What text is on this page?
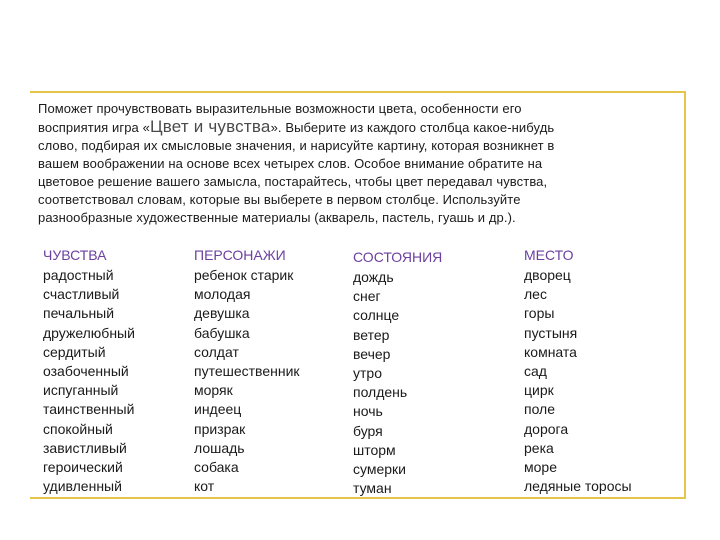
Поможет прочувствовать выразительные возможности цвета, особенности его
восприятия игра «Цвет и чувства». Выберите из каждого столбца какое-нибудь
слово, подбирая их смысловые значения, и нарисуйте картину, которая возникнет в
вашем воображении на основе всех четырех слов. Особое внимание обратите на
цветовое решение вашего замысла, постарайтесь, чтобы цвет передавал чувства,
соответствовал словам, которые вы выберете в первом столбце. Используйте
разнообразные художественные материалы (акварель, пастель, гуашь и др.).
ЧУВСТВА
радостный
счастливый
печальный
дружелюбный
сердитый
озабоченный
испуганный
таинственный
спокойный
завистливый
героический
удивленный
ПЕРСОНАЖИ
ребенок старик
молодая
девушка
бабушка
солдат
путешественник
моряк
индеец
призрак
лошадь
собака
кот
СОСТОЯНИЯ
дождь
снег
солнце
ветер
вечер
утро
полдень
ночь
буря
шторм
сумерки
туман
МЕСТО
дворец
лес
горы
пустыня
комната
сад
цирк
поле
дорога
река
море
ледяные торосы
